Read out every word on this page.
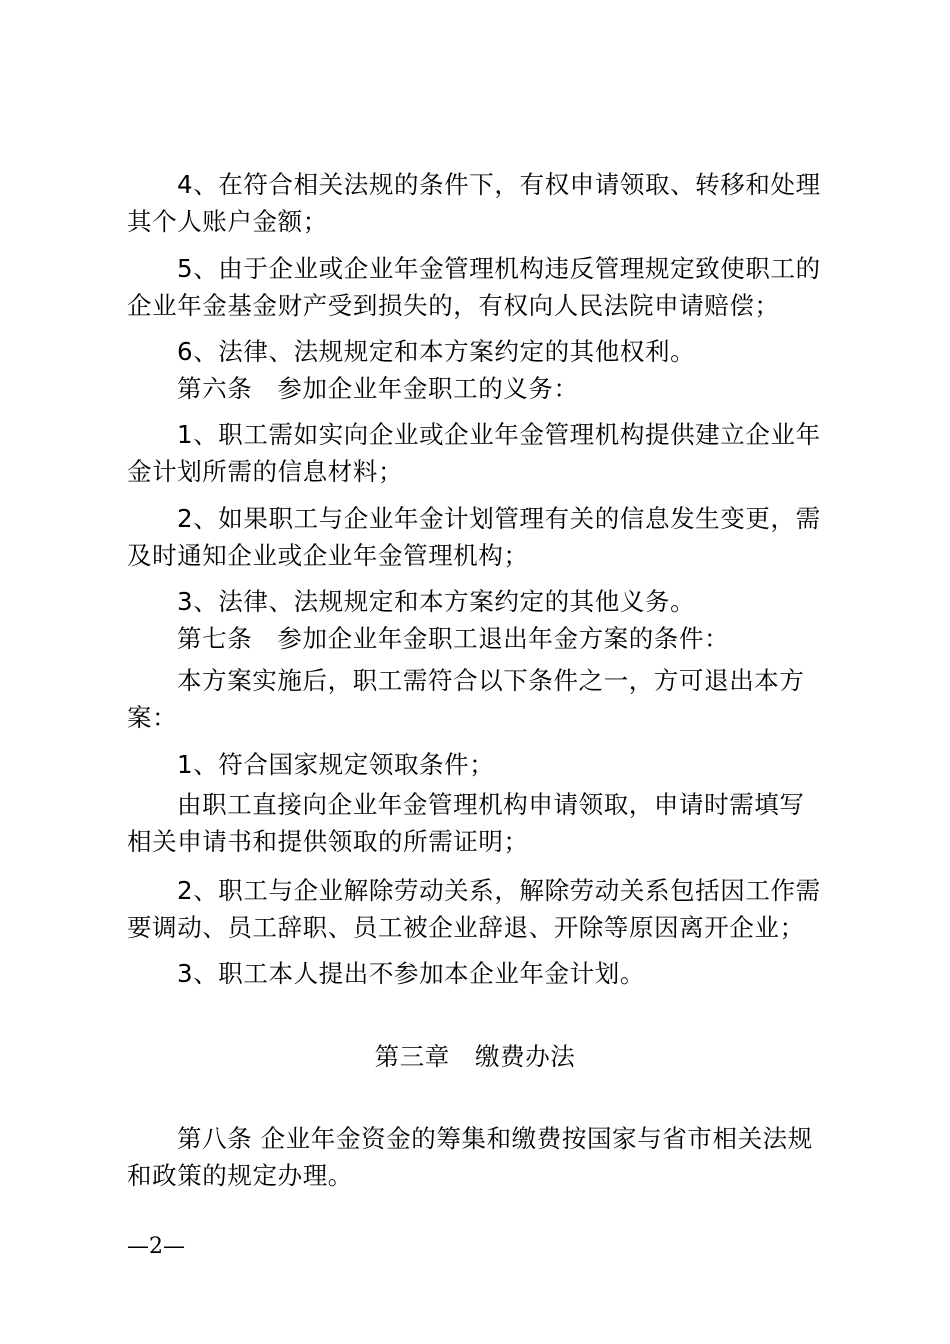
4、在符合相关法规的条件下，有权申请领取、转移和处理其个人账户金额；

5、由于企业或企业年金管理机构违反管理规定致使职工的企业年金基金财产受到损失的，有权向人民法院申请赔偿；

6、法律、法规规定和本方案约定的其他权利。

第六条　参加企业年金职工的义务：

1、职工需如实向企业或企业年金管理机构提供建立企业年金计划所需的信息材料；

2、如果职工与企业年金计划管理有关的信息发生变更，需及时通知企业或企业年金管理机构；

3、法律、法规规定和本方案约定的其他义务。

第七条　参加企业年金职工退出年金方案的条件：

本方案实施后，职工需符合以下条件之一，方可退出本方案：

1、符合国家规定领取条件；

由职工直接向企业年金管理机构申请领取，申请时需填写相关申请书和提供领取的所需证明；

2、职工与企业解除劳动关系，解除劳动关系包括因工作需要调动、员工辞职、员工被企业辞退、开除等原因离开企业；

3、职工本人提出不参加本企业年金计划。

第三章　缴费办法

第八条 企业年金资金的筹集和缴费按国家与省市相关法规和政策的规定办理。

—2—
